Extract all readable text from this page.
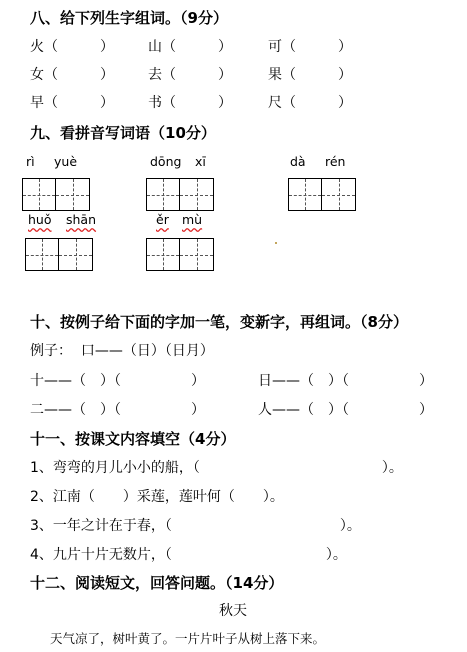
八、给下列生字组词。（9分）
火（　　　） 山（　　　）	可（　　　）
女（　　　） 去（　　　）	果（　　　）
早（　　　） 书（　　　）	尺（　　　）
九、看拼音写词语（10分）
rì yuè	dōng xī	dà rén
huǒ shān	ěr mù
十、按例子给下面的字加一笔，变新字，再组词。（8分）
例子：  口——（日）（日月）
十——（　）（　　　　　）	日——（　）（　　　　　）
二——（　）（　　　　　）	人——（　）（　　　　　）
十一、按课文内容填空（4分）
1、弯弯的月儿小小的船，（　　　　　　　　　　　　　）。
2、江南（　　）采莲，莲叶何（　　）。
3、一年之计在于春，（　　　　　　　　　　　　）。
4、九片十片无数片，（　　　　　　　　　　　）。
十二、阅读短文，回答问题。（14分）
秋天
天气凉了，树叶黄了。一片片叶子从树上落下来。
